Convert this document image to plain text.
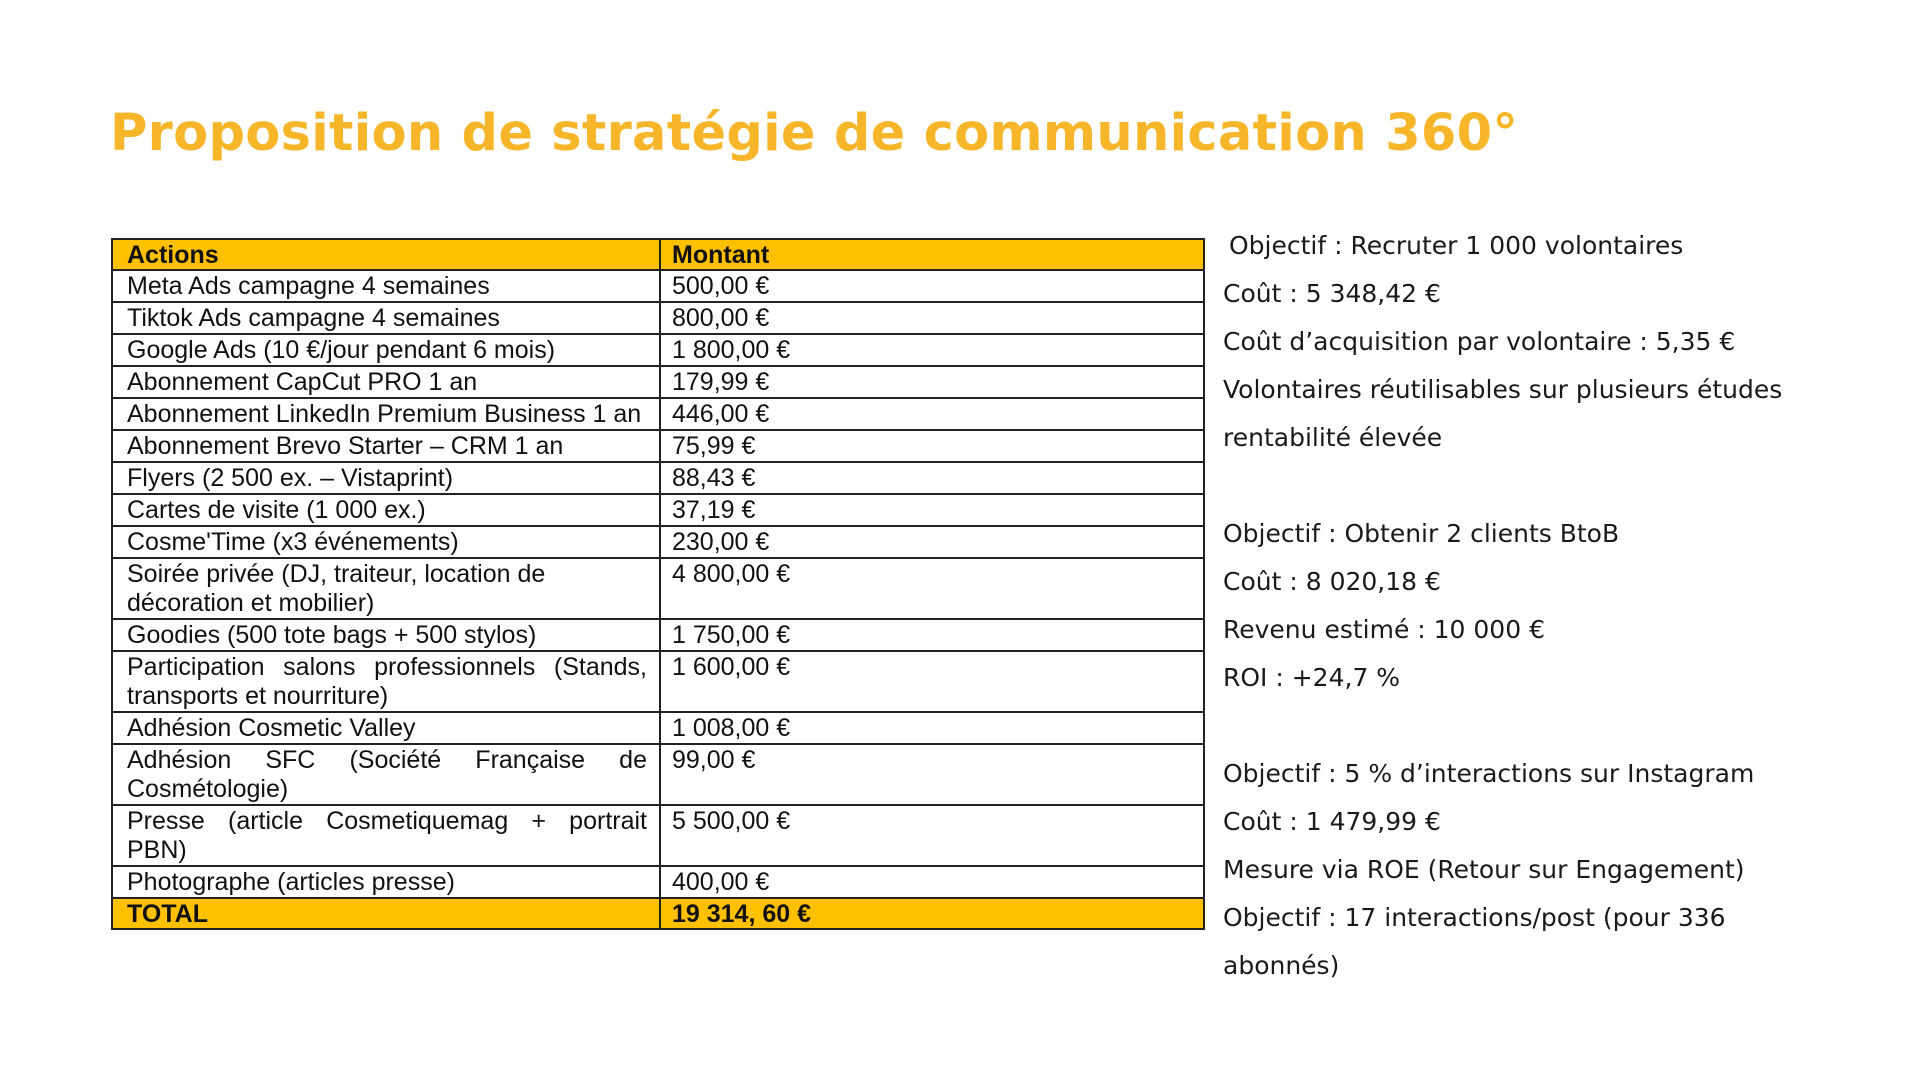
Proposition de stratégie de communication 360°
Actions	Montant
Meta Ads campagne 4 semaines	500,00 €
Tiktok Ads campagne 4 semaines	800,00 €
Google Ads (10 €/jour pendant 6 mois)	1 800,00 €
Abonnement CapCut PRO 1 an	179,99 €
Abonnement LinkedIn Premium Business 1 an	446,00 €
Abonnement Brevo Starter – CRM 1 an	75,99 €
Flyers (2 500 ex. – Vistaprint)	88,43 €
Cartes de visite (1 000 ex.)	37,19 €
Cosme'Time (x3 événements)	230,00 €
Soirée privée (DJ, traiteur, location de décoration et mobilier)	4 800,00 €
Goodies (500 tote bags + 500 stylos)	1 750,00 €
Participation salons professionnels (Stands, transports et nourriture)	1 600,00 €
Adhésion Cosmetic Valley	1 008,00 €
Adhésion SFC (Société Française de Cosmétologie)	99,00 €
Presse (article Cosmetiquemag + portrait PBN)	5 500,00 €
Photographe (articles presse)	400,00 €
TOTAL	19 314, 60 €
Objectif : Recruter 1 000 volontaires
Coût : 5 348,42 €
Coût d’acquisition par volontaire : 5,35 €
Volontaires réutilisables sur plusieurs études
rentabilité élevée
Objectif : Obtenir 2 clients BtoB
Coût : 8 020,18 €
Revenu estimé : 10 000 €
ROI : +24,7 %
Objectif : 5 % d’interactions sur Instagram
Coût : 1 479,99 €
Mesure via ROE (Retour sur Engagement)
Objectif : 17 interactions/post (pour 336
abonnés)
